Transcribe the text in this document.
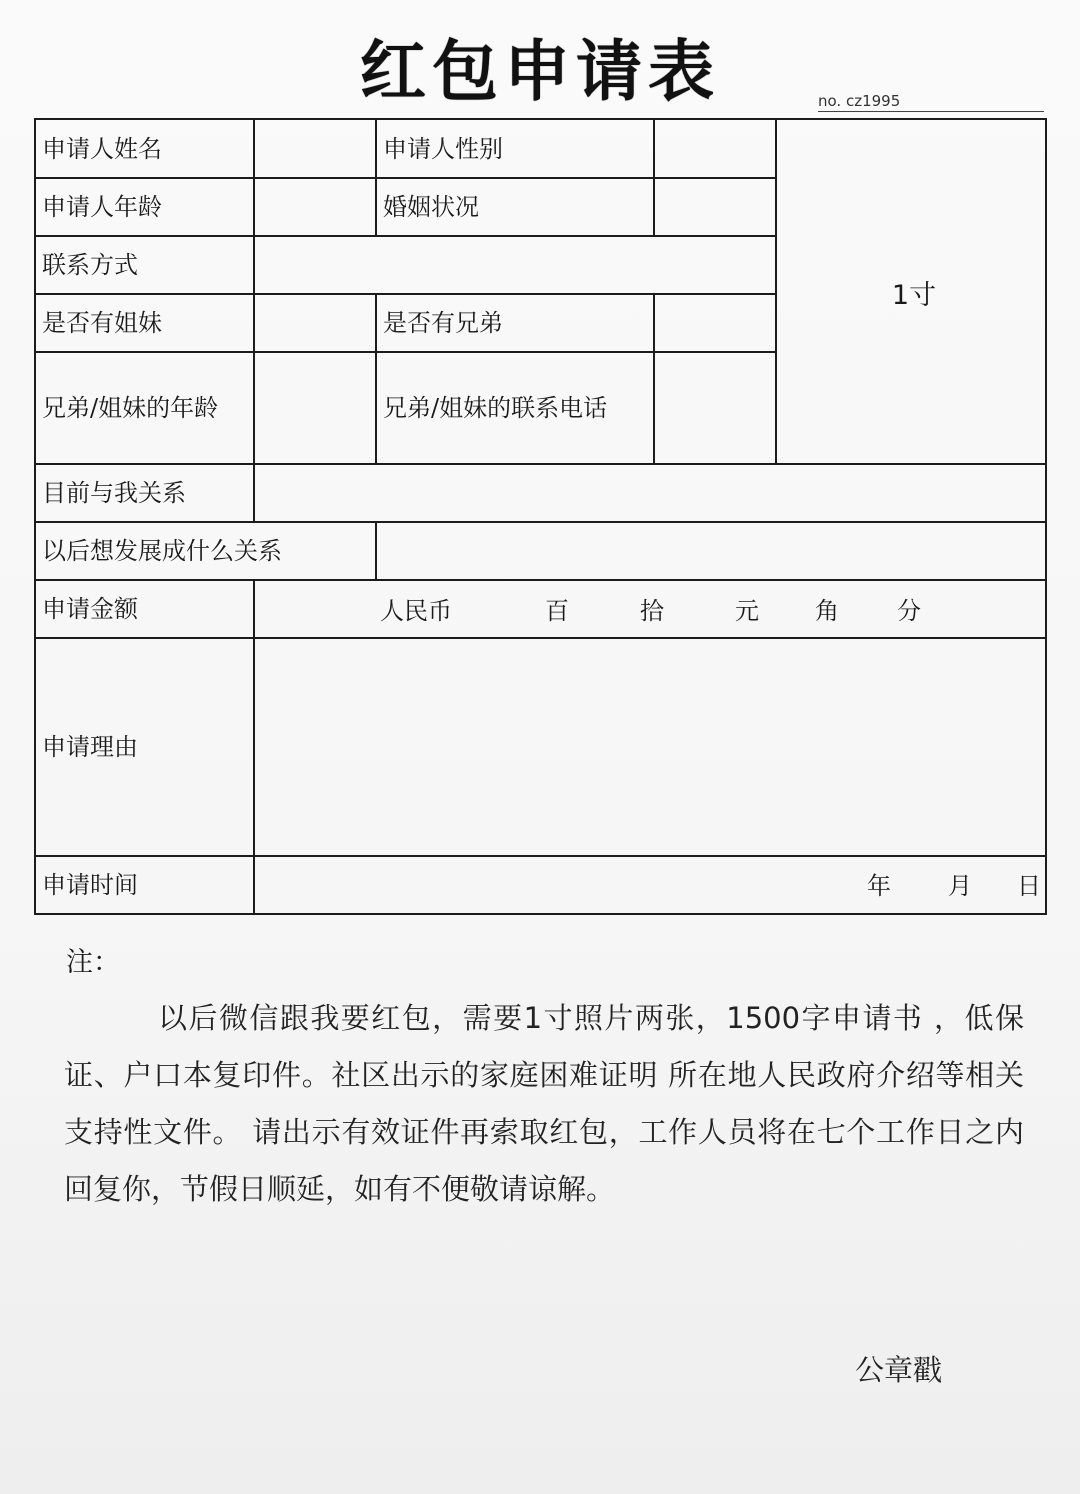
红包申请表	no. cz1995
申请人姓名	申请人性别
1寸
申请人年龄	婚姻状况
联系方式
是否有姐妹	是否有兄弟
兄弟/姐妹的年龄	兄弟/姐妹的联系电话
目前与我关系
以后想发展成什么关系
申请金额	人民币	百	拾	元 角 分
申请理由
申请时间	年 月 日
注：
以后微信跟我要红包，需要1寸照片两张，1500字申请书 ，低保证、户口本复印件。社区出示的家庭困难证明 所在地人民政府介绍等相关支持性文件。 请出示有效证件再索取红包，工作人员将在七个工作日之内回复你，节假日顺延，如有不便敬请谅解。
公章戳
